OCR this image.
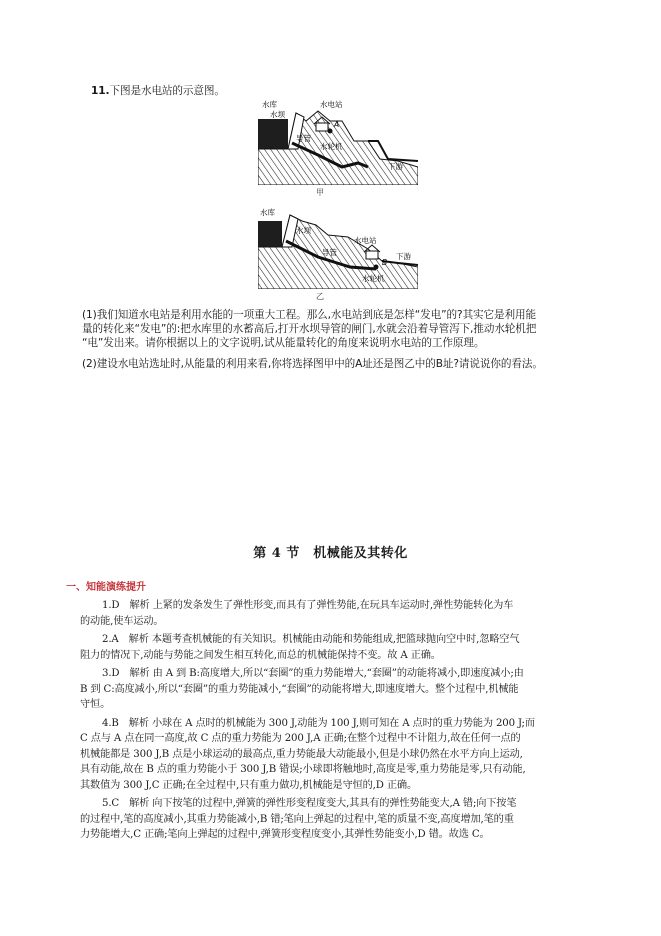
11.下图是水电站的示意图。
水库
水坝
水电站
A
导管
水轮机
下游
甲
水库
水坝
水电站
B
导管
水轮机
下游
乙
(1)我们知道水电站是利用水能的一项重大工程。那么,水电站到底是怎样“发电”的?其实它是利用能
量的转化来“发电”的:把水库里的水蓄高后,打开水坝导管的闸门,水就会沿着导管泻下,推动水轮机把
“电”发出来。请你根据以上的文字说明,试从能量转化的角度来说明水电站的工作原理。
(2)建设水电站选址时,从能量的利用来看,你将选择图甲中的A址还是图乙中的B址?请说说你的看法。
第 4 节　机械能及其转化
一、知能演练提升
1.D　解析 上紧的发条发生了弹性形变,而具有了弹性势能,在玩具车运动时,弹性势能转化为车
的动能,使车运动。
2.A　解析 本题考查机械能的有关知识。机械能由动能和势能组成,把篮球抛向空中时,忽略空气
阻力的情况下,动能与势能之间发生相互转化,而总的机械能保持不变。故 A 正确。
3.D　解析 由 A 到 B:高度增大,所以“套圈”的重力势能增大,“套圈”的动能将减小,即速度减小;由
B 到 C:高度减小,所以“套圈”的重力势能减小,“套圈”的动能将增大,即速度增大。整个过程中,机械能
守恒。
4.B　解析 小球在 A 点时的机械能为 300 J,动能为 100 J,则可知在 A 点时的重力势能为 200 J;而
C 点与 A 点在同一高度,故 C 点的重力势能为 200 J,A 正确;在整个过程中不计阻力,故在任何一点的
机械能都是 300 J,B 点是小球运动的最高点,重力势能最大动能最小,但是小球仍然在水平方向上运动,
具有动能,故在 B 点的重力势能小于 300 J,B 错误;小球即将触地时,高度是零,重力势能是零,只有动能,
其数值为 300 J,C 正确;在全过程中,只有重力做功,机械能是守恒的,D 正确。
5.C　解析 向下按笔的过程中,弹簧的弹性形变程度变大,其具有的弹性势能变大,A 错;向下按笔
的过程中,笔的高度减小,其重力势能减小,B 错;笔向上弹起的过程中,笔的质量不变,高度增加,笔的重
力势能增大,C 正确;笔向上弹起的过程中,弹簧形变程度变小,其弹性势能变小,D 错。故选 C。
